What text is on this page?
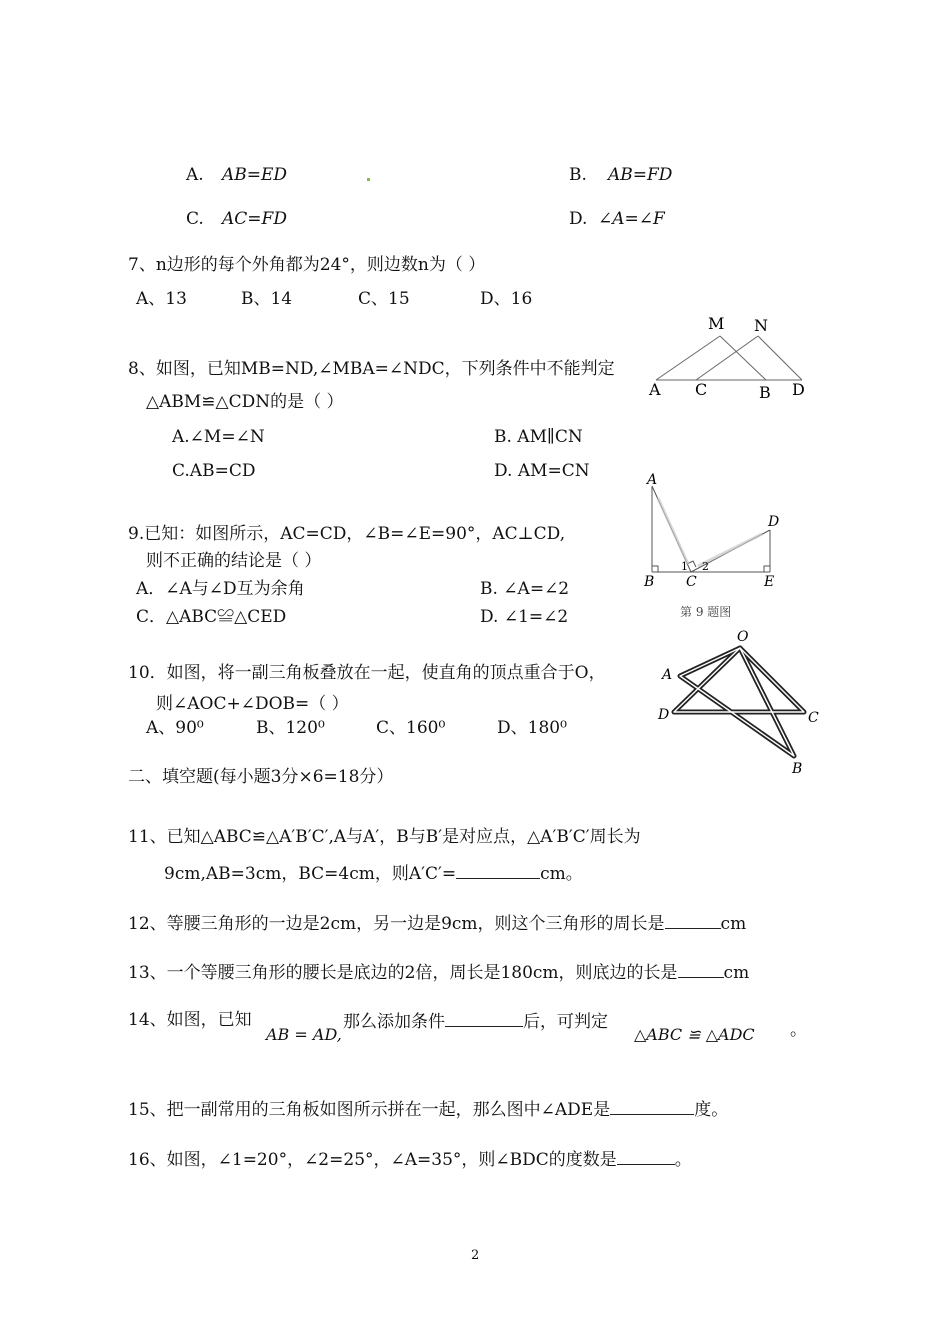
A. AB=ED	B. AB=FD
C. AC=FD	D. ∠A=∠F
7、n边形的每个外角都为24°，则边数n为（ ）
A、13	B、14	C、15	D、16
M N
A C	B D
8、如图，已知MB=ND,∠MBA=∠NDC，下列条件中不能判定
△ABM≌△CDN的是（ ）
A.∠M=∠N	B. AM∥CN
C.AB=CD	D. AM=CN	A
B C
D
E
1 2
第 9 题图
9.已知：如图所示，AC=CD，∠B=∠E=90°，AC⊥CD,
则不正确的结论是（ ）
A．∠A与∠D互为余角	B. ∠A=∠2
C．△ABC≌△CED	D. ∠1=∠2
O
A
D	C
B
10．如图，将一副三角板叠放在一起，使直角的顶点重合于O，
则∠AOC+∠DOB=（ ）
A、90⁰	B、120⁰	C、160⁰	D、180⁰
二、填空题(每小题3分×6=18分）
11、已知△ABC≌△A′B′C′,A与A′，B与B′是对应点，△A′B′C′周长为
9cm,AB=3cm，BC=4cm，则A′C′=	cm。
12、等腰三角形的一边是2cm，另一边是9cm，则这个三角形的周长是	cm
13、一个等腰三角形的腰长是底边的2倍，周长是180cm，则底边的长是	cm
14、如图，已知
AB = AD,
那么添加条件	后，可判定
△ABC ≌ △ADC 。
15、把一副常用的三角板如图所示拼在一起，那么图中∠ADE是	度。
16、如图，∠1=20°，∠2=25°，∠A=35°，则∠BDC的度数是	。
2
